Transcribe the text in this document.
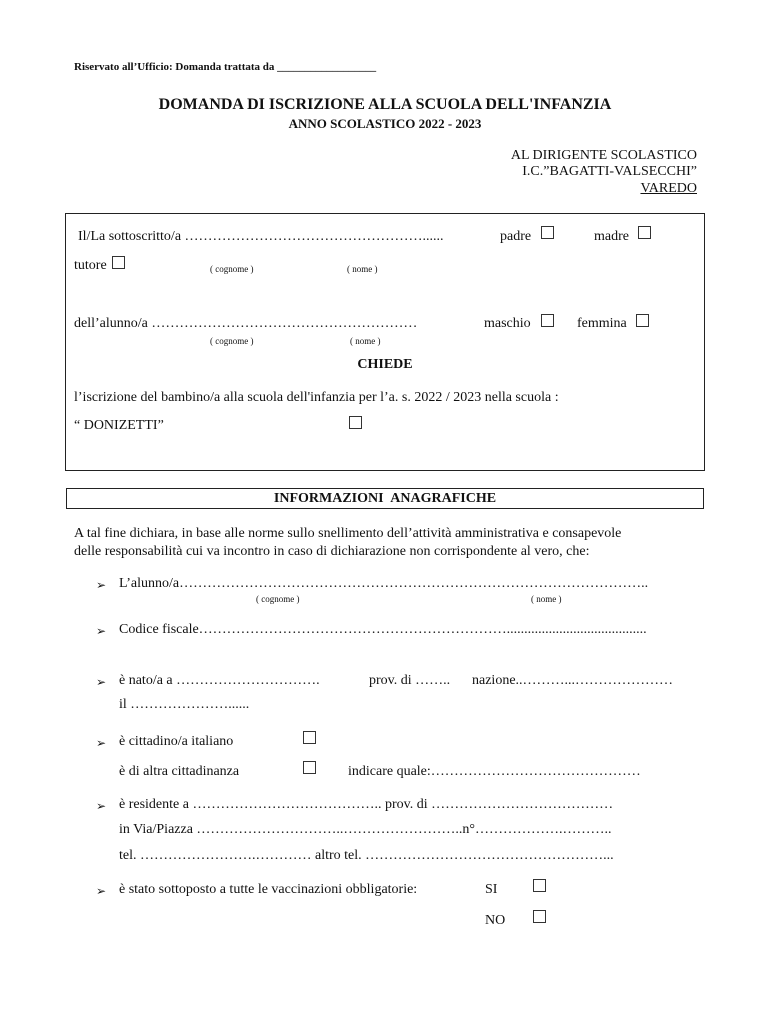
Riservato all’Ufficio: Domanda trattata da __________________
DOMANDA DI ISCRIZIONE ALLA SCUOLA DELL'INFANZIA
ANNO SCOLASTICO 2022 - 2023
AL DIRIGENTE SCOLASTICO
I.C.”BAGATTI-VALSECCHI”
VAREDO
Il/La sottoscritto/a ……………………………………………......	padre	madre
tutore	( cognome )	( nome )
dell’alunno/a …………………………………………………	maschio	femmina
( cognome )	( nome )
CHIEDE
l’iscrizione del bambino/a alla scuola dell'infanzia per l’a. s. 2022 / 2023 nella scuola :
“ DONIZETTI”
INFORMAZIONI ANAGRAFICHE
A tal fine dichiara, in base alle norme sullo snellimento dell’attività amministrativa e consapevole
delle responsabilità cui va incontro in caso di dichiarazione non corrispondente al vero, che:
➢ L’alunno/a………………………………………………………………………………………..
( cognome )	( nome )
➢ Codice fiscale…………………………………………………………........................................
➢ è nato/a a ………………………….	prov. di …….. nazione..………...…………………
il …………………......
➢ è cittadino/a italiano
è di altra cittadinanza	indicare quale:………………………………………
➢ è residente a ………………………………….. prov. di …………………………………
in Via/Piazza …………………………..……………………..n°……………….………..
tel. …………………….………… altro tel. ……………………………………………...
➢ è stato sottoposto a tutte le vaccinazioni obbligatorie:	SI
NO
